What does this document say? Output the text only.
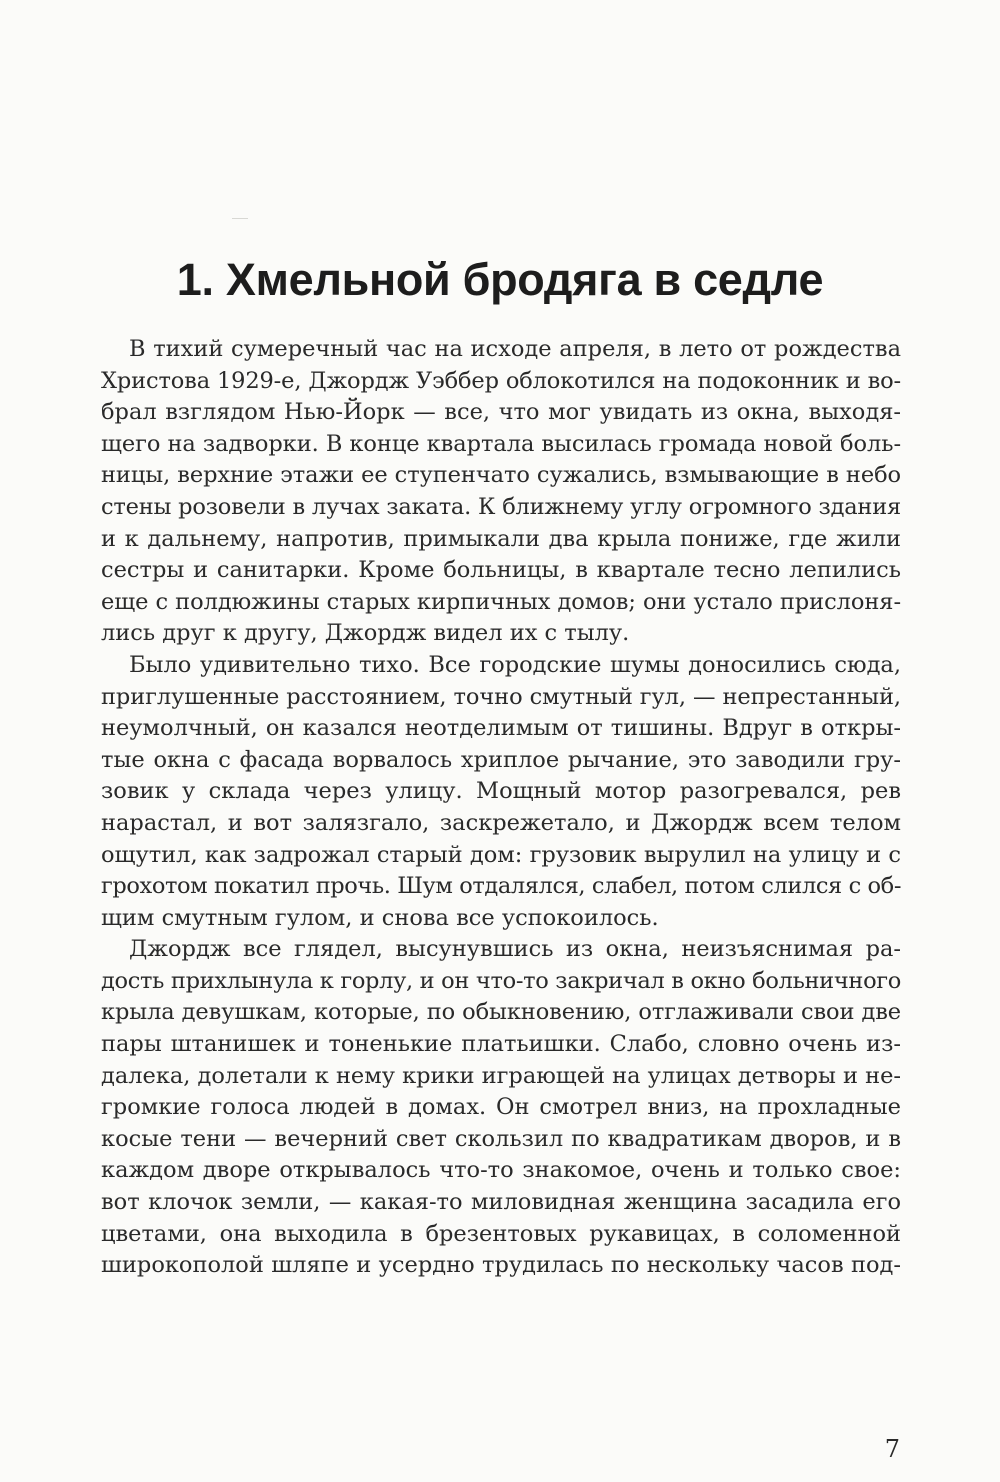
1. Хмельной бродяга в седле
В тихий сумеречный час на исходе апреля, в лето от рождества
Христова 1929-е, Джордж Уэббер облокотился на подоконник и во-
брал взглядом Нью-Йорк — все, что мог увидать из окна, выходя-
щего на задворки. В конце квартала высилась громада новой боль-
ницы, верхние этажи ее ступенчато сужались, взмывающие в небо
стены розовели в лучах заката. К ближнему углу огромного здания
и к дальнему, напротив, примыкали два крыла пониже, где жили
сестры и санитарки. Кроме больницы, в квартале тесно лепились
еще с полдюжины старых кирпичных домов; они устало прислоня-
лись друг к другу, Джордж видел их с тылу.
Было удивительно тихо. Все городские шумы доносились сюда,
приглушенные расстоянием, точно смутный гул, — непрестанный,
неумолчный, он казался неотделимым от тишины. Вдруг в откры-
тые окна с фасада ворвалось хриплое рычание, это заводили гру-
зовик у склада через улицу. Мощный мотор разогревался, рев
нарастал, и вот залязгало, заскрежетало, и Джордж всем телом
ощутил, как задрожал старый дом: грузовик вырулил на улицу и с
грохотом покатил прочь. Шум отдалялся, слабел, потом слился с об-
щим смутным гулом, и снова все успокоилось.
Джордж все глядел, высунувшись из окна, неизъяснимая ра-
дость прихлынула к горлу, и он что-то закричал в окно больничного
крыла девушкам, которые, по обыкновению, отглаживали свои две
пары штанишек и тоненькие платьишки. Слабо, словно очень из-
далека, долетали к нему крики играющей на улицах детворы и не-
громкие голоса людей в домах. Он смотрел вниз, на прохладные
косые тени — вечерний свет скользил по квадратикам дворов, и в
каждом дворе открывалось что-то знакомое, очень и только свое:
вот клочок земли, — какая-то миловидная женщина засадила его
цветами, она выходила в брезентовых рукавицах, в соломенной
широкополой шляпе и усердно трудилась по нескольку часов под-
7
